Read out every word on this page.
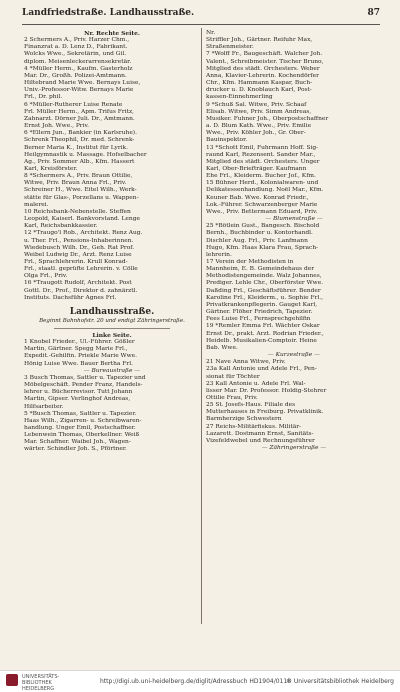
Landfriedstraße. Landhausstraße.	87
Nr. Rechte Seite.
2 Schermers A., Priv. Harzer Chm.,
Finanzrat a. D. Lenz D., Fabrikant.
Wolcks Wwe., Sekretärin, und Gil.
diplom. Meisenleckerarrensekretär.
4 *Müller Herm., Kaufm. Gasterholz
Mar. Dr., Großh. Polizei-Amtmann.
Hiltebrand Marie Wwe. Bernays Luise,
Univ.-Professor-Witw. Bernays Marie
Frl., Dr. phil.
6 *Müller-Rutherer Luise Renate
Frl. Müller Herm., Apm. Trifus Fritz,
Zahnarzt. Dörner Juli. Dr., Amtmann.
Ernst Joh. Wwe., Priv.
6 *Ellern Jun., Bankier (in Karlsruhe).
Schrenk Theophil, Dr. med. Schrenk-
Berner Maria K., Institut für Lyrik.
Heilgymnastik u. Massage. Hofselbacher
Ag., Priv. Sommer Alb., Kfm. Hassert
Karl, Kreisförster.
8 *Schermers A., Priv. Braun Ottilie,
Witwe, Priv. Braun Anna Frl., Priv.
Schreiner H., Wwe. Eitel Wilh., Werk-
stätte für Glas-, Porzellans u. Wappen-
malerei.
10 Reichsbank-Nebenstelle. Steffen
Leopold, Kaiserl. Bankvorstand. Lenge
Karl, Reichsbankkassier.
12 *Traugo'l Rob., Architekt. Renz Aug.
u. Ther. Frl., Pensions-Inhaberinnen.
Wiedebusch Wilh. Dr., Geh. Rat Prof.
Weibel Ludwig Dr., Arzt. Renz Luise
Frl., Sprachlehrerin. Krull Konrad-
Frl., staatl. geprüfte Lehrerin. v. Cölle
Olga Frl., Priv.
16 *Traugott Rudolf, Architekt. Post
Gottl. Dr., Prof., Direktor d. zahnärztl.
Instituts. Dachsführ Agnes Frl.
Landhausstraße.
Beginnt Bahnhofstr. 20 und endigt Zähringerstraße.
Linke Seite.
1 Knobel Frieder., Ul.-Führer. Gößler
Martin, Gärtner. Spegg Marie Frl.,
Expedit.-Gehilfin. Priekle Marie Wwe.
Hönig Luise Wwe. Bauer Bertha Frl.
— Bureaustraße —
3 Busch Thomas, Sattler u. Tapezier und
Möbelgeschäft. Pender Franz, Handels-
lehrer u. Bücherrevisor. Tutt Johann
Martin, Gipser. Verlinghof Andreas,
Hilfsarbeiter.
5 *Busch Thomas, Sattler u. Tapezier.
Haas Wilh., Zigarren- u. Schreibwaren-
handlung. Unger Emil, Postschaffner.
Lebenwein Thomas, Oberkellner. Weiß
Mar. Schaffner. Waibel Joh., Wagen-
wärter. Schindler Joh. S., Pförtner.
Nr.
Striffler Joh., Gärtner. Reifuhr Max,
Straßenmeister.
7 *Wolff Fr., Baugeschäft. Walcher Joh.
Valent., Schreibmeister. Tischer Bruno,
Mitglied des städt. Orchesters. Weber
Anna, Klavier-Lehrerin. Kochendörfer
Chr., Kfm. Hammann Kaspar, Buch-
drucker u. D. Knoblauch Karl, Post-
kassen-Einnehmerling
9 *Schuß Sal. Witwe, Priv. Schaaf
Elisab. Witwe, Priv. Simm Andreas,
Musiker. Fuhner Joh., Oberpostschaffner
a. D. Blum Kath. Wwe., Priv. Emilie
Wwe., Priv. Köhler Joh., Gr. Ober-
Bauinspektor.
13 *Schott Emil, Fuhrmann Hoff. Sig-
raund Karl, Rezensent. Sander Mar.,
Mitglied des städt. Orchesters. Unger
Karl, Ober-Briefträger. Kaufmann
Ehe Frl., Kleiderm. Bucher Jof., Kfm.
15 Bühner Herd., Kolonialwaren- und
Delikatessenhandlung. Noël Mar., Kfm.
Keuner Bab. Wwe. Konrad Friedr.,
Lok.-Führer. Schwarzenberger Marie
Wwe., Priv. Bettermann Eduard, Priv.
— Blumenstraße —
25 *Bötlein Gust., Bangesch. Bischold
Bernh., Buchbinder u. Kontorhandl.
Dischler Aug. Frl., Priv. Lanfmann
Hugo, Kfm. Haas Klara Frau, Sprach-
lehrerin.
17 Verein der Methodisten in
Mannheim, E. B. Gemeindehaus der
Methodistengemeinde. Walz Johannes,
Prediger. Lehle Chr., Oberförster Wwe.
Daßding Frl., Geschäftsführer. Bender
Karoline Frl., Kleiderm., u. Sophie Frl.,
Privatkrankenpflegerin. Gauget Karl,
Gärtner. Flöher Friedrich, Tapezier.
Fees Luise Frl., Fernsprechgehilfin
19 *Remler Emma Frl. Wächter Oskar
Ernst Dr., prakt. Arzt. Rodrian Frieder.,
Heidelb. Musikalien-Comptoir. Heine
Bab. Wwe.
— Kurzestraße —
21 Nave Anna Witwe, Priv.
23a Kall Antonie und Adele Frl., Pen-
sionat für Töchter
23 Kall Antonie u. Adele Frl. Wal-
lisser Mar. Dr. Professor. Holdig-Stehrer
Ottilie Frau, Priv.
25 St. Josefs-Haus. Filiale des
Mutterhauses in Freiburg. Privatklinik.
Barmherzige Schwestern
27 Reichs-Militärfiskus. Militär-
Lazarett. Dostmann Ernst, Sanitäts-
Vizefeldwebel und Rechnungsführer
— Zähringerstraße —
UNIVERSITÄTS-
BIBLIOTHEK
HEIDELBERG
http://digi.ub.uni-heidelberg.de/diglit/Adressbuch HD1904/0118
© Universitätsbibliothek Heidelberg
